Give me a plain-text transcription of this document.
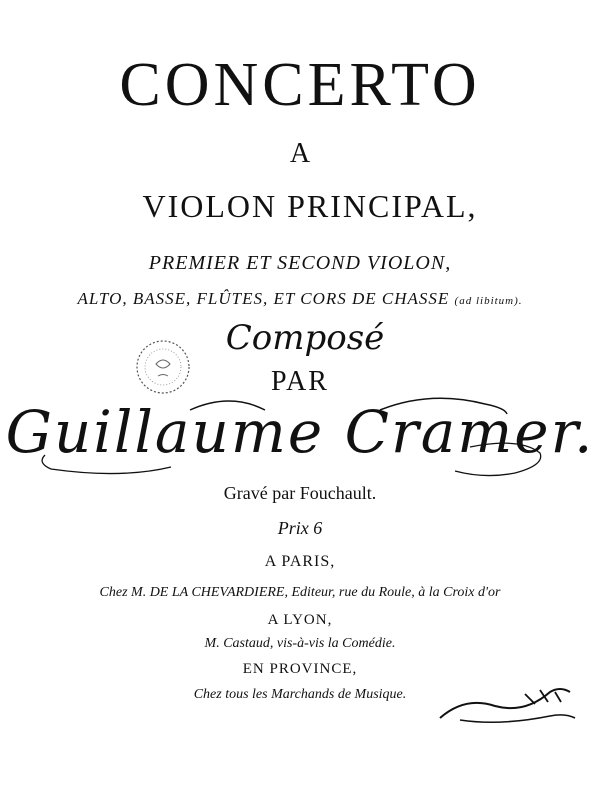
CONCERTO
A
VIOLON PRINCIPAL,
PREMIER ET SECOND VIOLON,
ALTO, BASSE, FLÛTES, ET CORS DE CHASSE (ad libitum).
Composé
PAR
Guillaume Cramer.
Gravé par Fouchault.
Prix 6
A PARIS,
Chez M. DE LA CHEVARDIERE, Editeur, rue du Roule, à la Croix d'or
A LYON,
M. Castaud, vis-à-vis la Comédie.
EN PROVINCE,
Chez tous les Marchands de Musique.
